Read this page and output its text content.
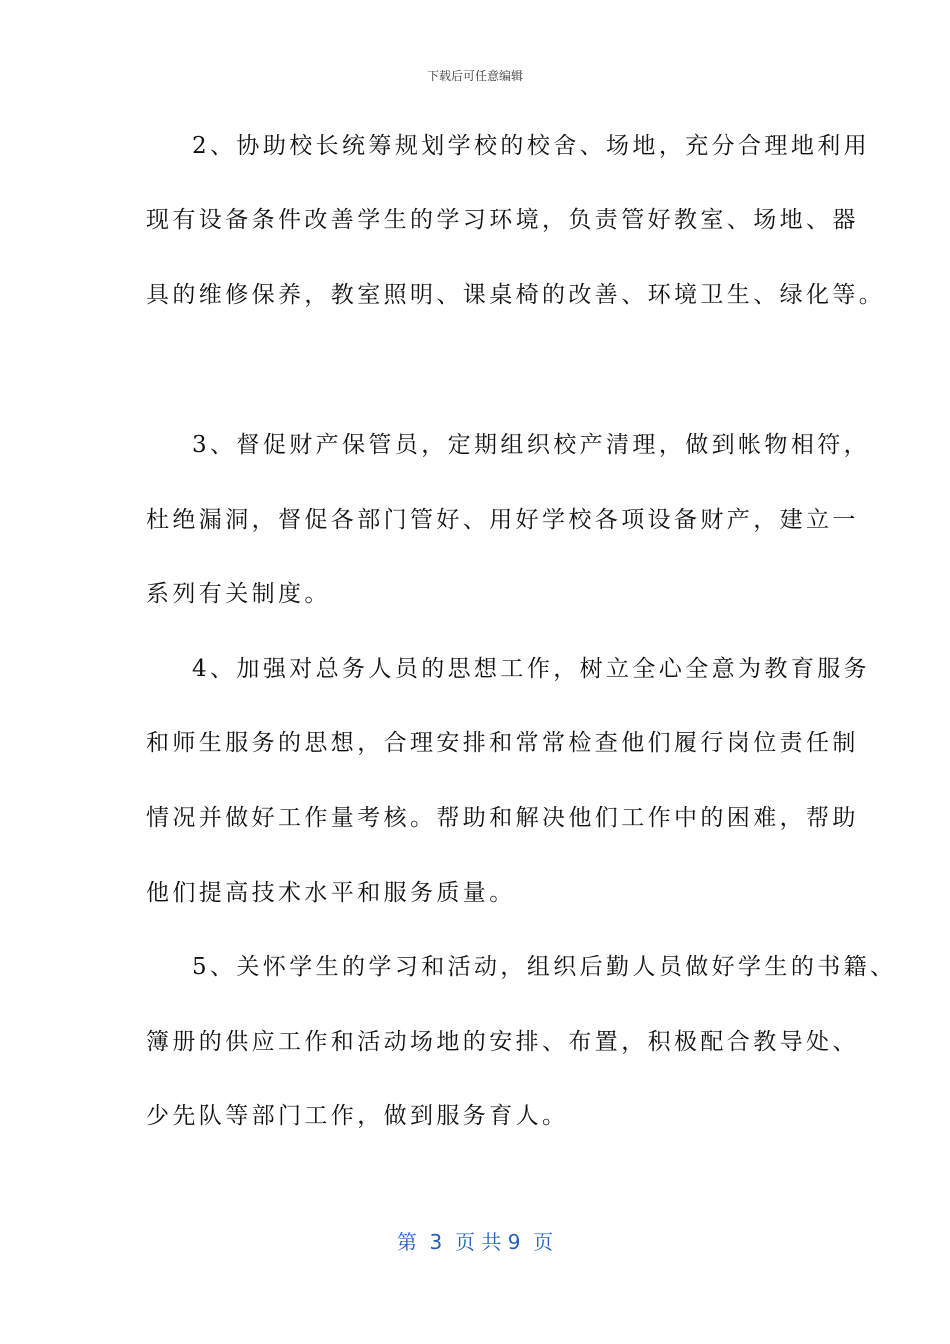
下载后可任意编辑
2、协助校长统筹规划学校的校舍、场地，充分合理地利用
现有设备条件改善学生的学习环境，负责管好教室、场地、器
具的维修保养，教室照明、课桌椅的改善、环境卫生、绿化等。
3、督促财产保管员，定期组织校产清理，做到帐物相符，
杜绝漏洞，督促各部门管好、用好学校各项设备财产，建立一
系列有关制度。
4、加强对总务人员的思想工作，树立全心全意为教育服务
和师生服务的思想，合理安排和常常检查他们履行岗位责任制
情况并做好工作量考核。帮助和解决他们工作中的困难，帮助
他们提高技术水平和服务质量。
5、关怀学生的学习和活动，组织后勤人员做好学生的书籍、
簿册的供应工作和活动场地的安排、布置，积极配合教导处、
少先队等部门工作，做到服务育人。
第  3  页 共 9  页
